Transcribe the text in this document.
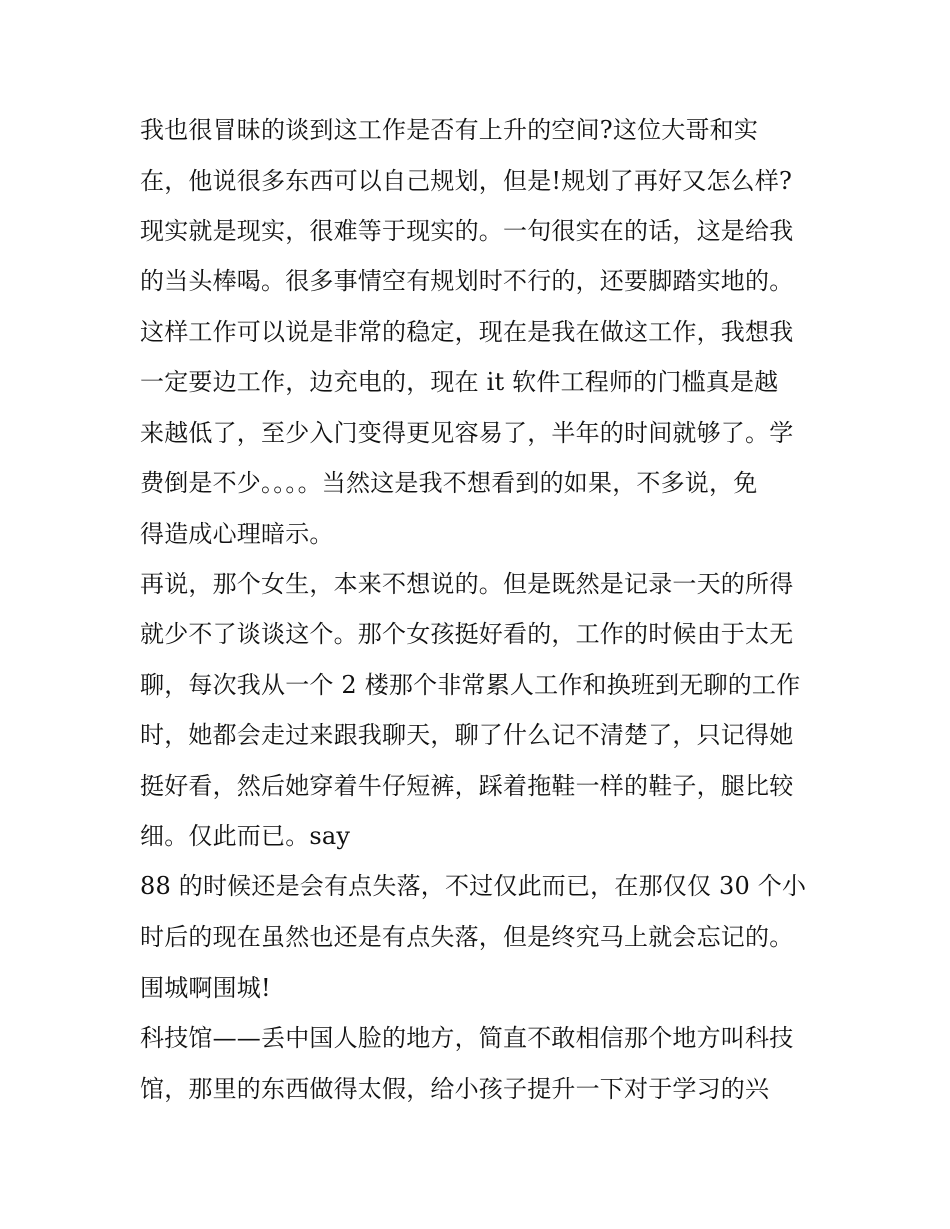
我也很冒昧的谈到这工作是否有上升的空间?这位大哥和实
在，他说很多东西可以自己规划，但是!规划了再好又怎么样?
现实就是现实，很难等于现实的。一句很实在的话，这是给我
的当头棒喝。很多事情空有规划时不行的，还要脚踏实地的。
这样工作可以说是非常的稳定，现在是我在做这工作，我想我
一定要边工作，边充电的，现在 it 软件工程师的门槛真是越
来越低了，至少入门变得更见容易了，半年的时间就够了。学
费倒是不少。。。。当然这是我不想看到的如果，不多说，免
得造成心理暗示。
再说，那个女生，本来不想说的。但是既然是记录一天的所得
就少不了谈谈这个。那个女孩挺好看的，工作的时候由于太无
聊，每次我从一个 2 楼那个非常累人工作和换班到无聊的工作
时，她都会走过来跟我聊天，聊了什么记不清楚了，只记得她
挺好看，然后她穿着牛仔短裤，踩着拖鞋一样的鞋子，腿比较
细。仅此而已。say
88 的时候还是会有点失落，不过仅此而已，在那仅仅 30 个小
时后的现在虽然也还是有点失落，但是终究马上就会忘记的。
围城啊围城!
科技馆——丢中国人脸的地方，简直不敢相信那个地方叫科技
馆，那里的东西做得太假，给小孩子提升一下对于学习的兴
